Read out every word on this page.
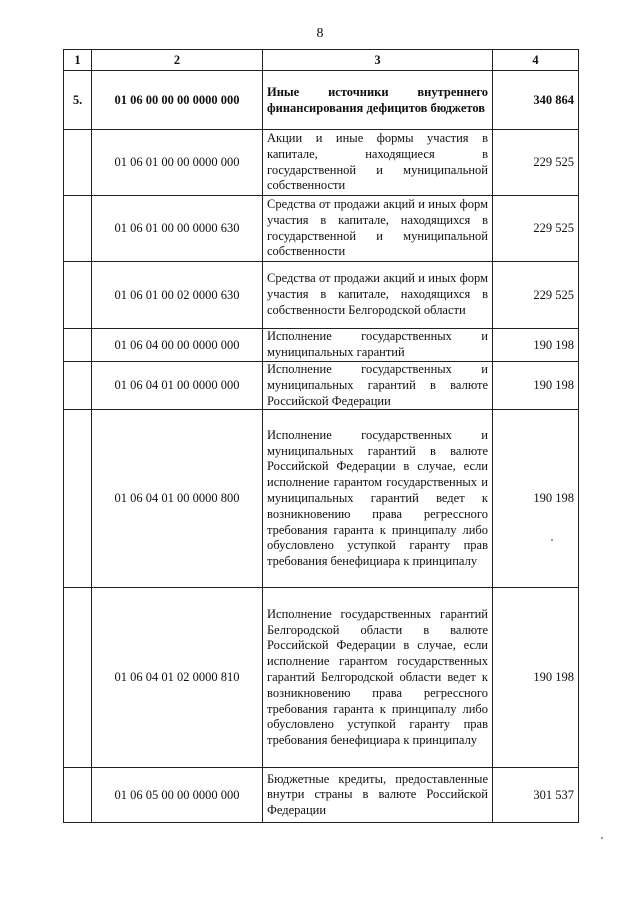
8
1	2	3	4
5.	01 06 00 00 00 0000 000	Иные источники внутреннего финансирования дефицитов бюджетов	340 864
	01 06 01 00 00 0000 000	Акции и иные формы участия в капитале, находящиеся в государственной и муниципальной собственности	229 525
	01 06 01 00 00 0000 630	Средства от продажи акций и иных форм участия в капитале, находящихся в государственной и муниципальной собственности	229 525
	01 06 01 00 02 0000 630	Средства от продажи акций и иных форм участия в капитале, находящихся в собственности Белгородской области	229 525
	01 06 04 00 00 0000 000	Исполнение государственных и муниципальных гарантий	190 198
	01 06 04 01 00 0000 000	Исполнение государственных и муниципальных гарантий в валюте Российской Федерации	190 198
	01 06 04 01 00 0000 800	Исполнение государственных и муниципальных гарантий в валюте Российской Федерации в случае, если исполнение гарантом государственных и муниципальных гарантий ведет к возникновению права регрессного требования гаранта к принципалу либо обусловлено уступкой гаранту прав требования бенефициара к принципалу	190 198
	01 06 04 01 02 0000 810	Исполнение государственных гарантий Белгородской области в валюте Российской Федерации в случае, если исполнение гарантом государственных гарантий Белгородской области ведет к возникновению права регрессного требования гаранта к принципалу либо обусловлено уступкой гаранту прав требования бенефициара к принципалу	190 198
	01 06 05 00 00 0000 000	Бюджетные кредиты, предоставленные внутри страны в валюте Российской Федерации	301 537
